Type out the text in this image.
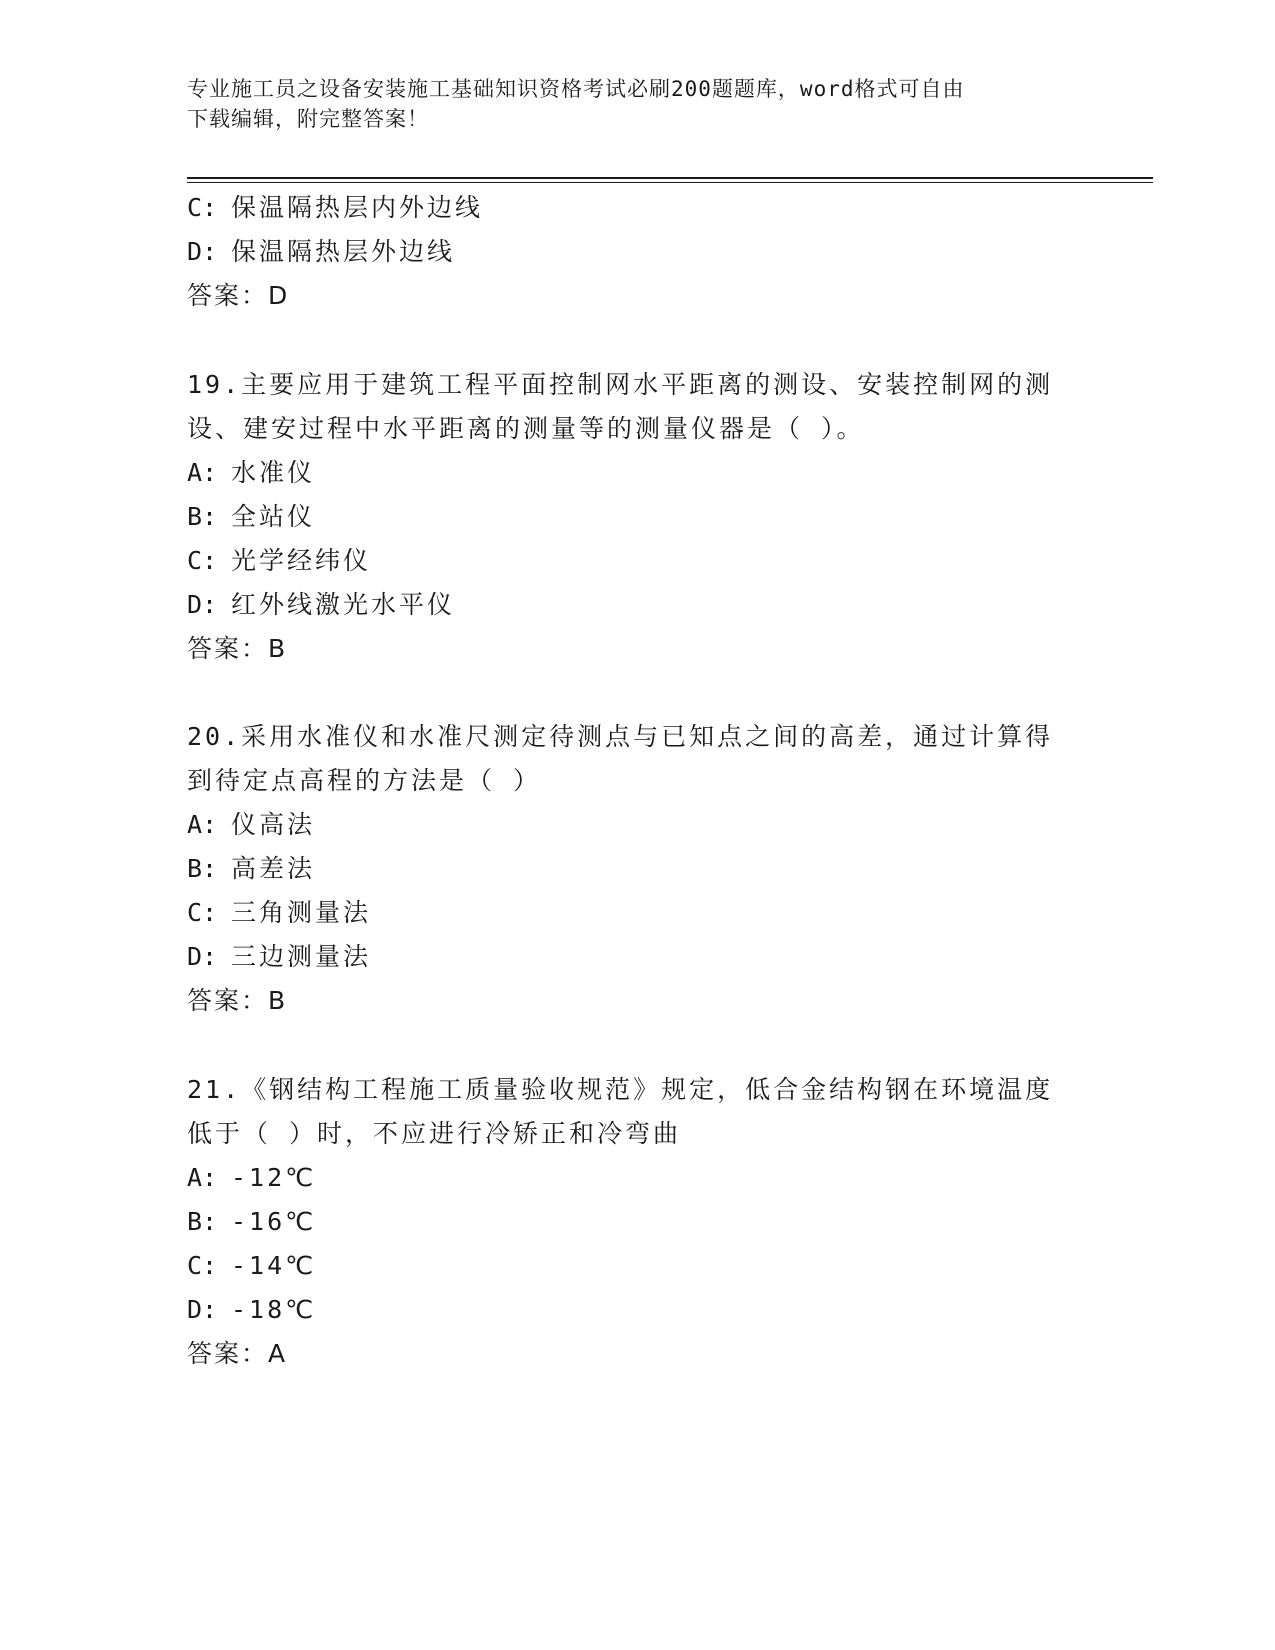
专业施工员之设备安装施工基础知识资格考试必刷200题题库，word格式可自由
下载编辑，附完整答案！
C: 保温隔热层内外边线
D: 保温隔热层外边线
答案：D
19.主要应用于建筑工程平面控制网水平距离的测设、安装控制网的测
设、建安过程中水平距离的测量等的测量仪器是（ ）。
A: 水准仪
B: 全站仪
C: 光学经纬仪
D: 红外线激光水平仪
答案：B
20.采用水准仪和水准尺测定待测点与已知点之间的高差，通过计算得
到待定点高程的方法是（ ）
A: 仪高法
B: 高差法
C: 三角测量法
D: 三边测量法
答案：B
21.《钢结构工程施工质量验收规范》规定，低合金结构钢在环境温度
低于（ ）时，不应进行冷矫正和冷弯曲
A: -12℃
B: -16℃
C: -14℃
D: -18℃
答案：A
